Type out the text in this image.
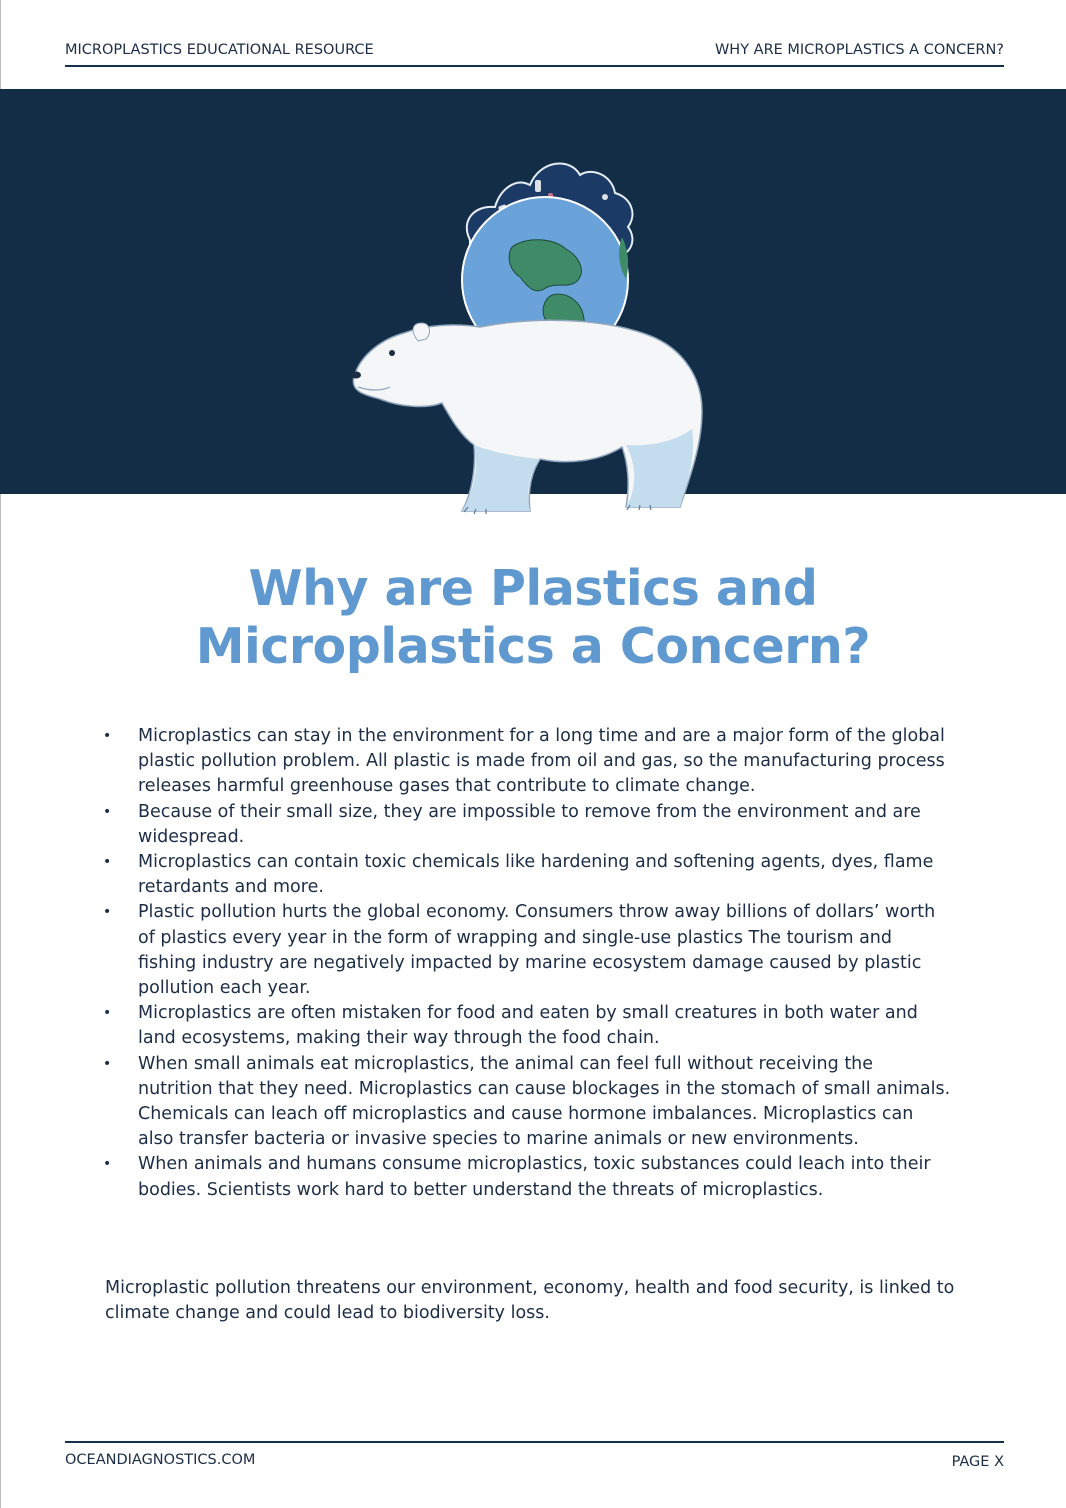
MICROPLASTICS EDUCATIONAL RESOURCE	WHY ARE MICROPLASTICS A CONCERN?
Why are Plastics and
Microplastics a Concern?
• Microplastics can stay in the environment for a long time and are a major form of the global plastic pollution problem. All plastic is made from oil and gas, so the manufacturing process releases harmful greenhouse gases that contribute to climate change.
• Because of their small size, they are impossible to remove from the environment and are widespread.
• Microplastics can contain toxic chemicals like hardening and softening agents, dyes, flame retardants and more.
• Plastic pollution hurts the global economy. Consumers throw away billions of dollars’ worth of plastics every year in the form of wrapping and single-use plastics The tourism and fishing industry are negatively impacted by marine ecosystem damage caused by plastic pollution each year.
• Microplastics are often mistaken for food and eaten by small creatures in both water and land ecosystems, making their way through the food chain.
• When small animals eat microplastics, the animal can feel full without receiving the nutrition that they need. Microplastics can cause blockages in the stomach of small animals. Chemicals can leach off microplastics and cause hormone imbalances. Microplastics can also transfer bacteria or invasive species to marine animals or new environments.
• When animals and humans consume microplastics, toxic substances could leach into their bodies. Scientists work hard to better understand the threats of microplastics.

Microplastic pollution threatens our environment, economy, health and food security, is linked to climate change and could lead to biodiversity loss.

OCEANDIAGNOSTICS.COM	PAGE X
